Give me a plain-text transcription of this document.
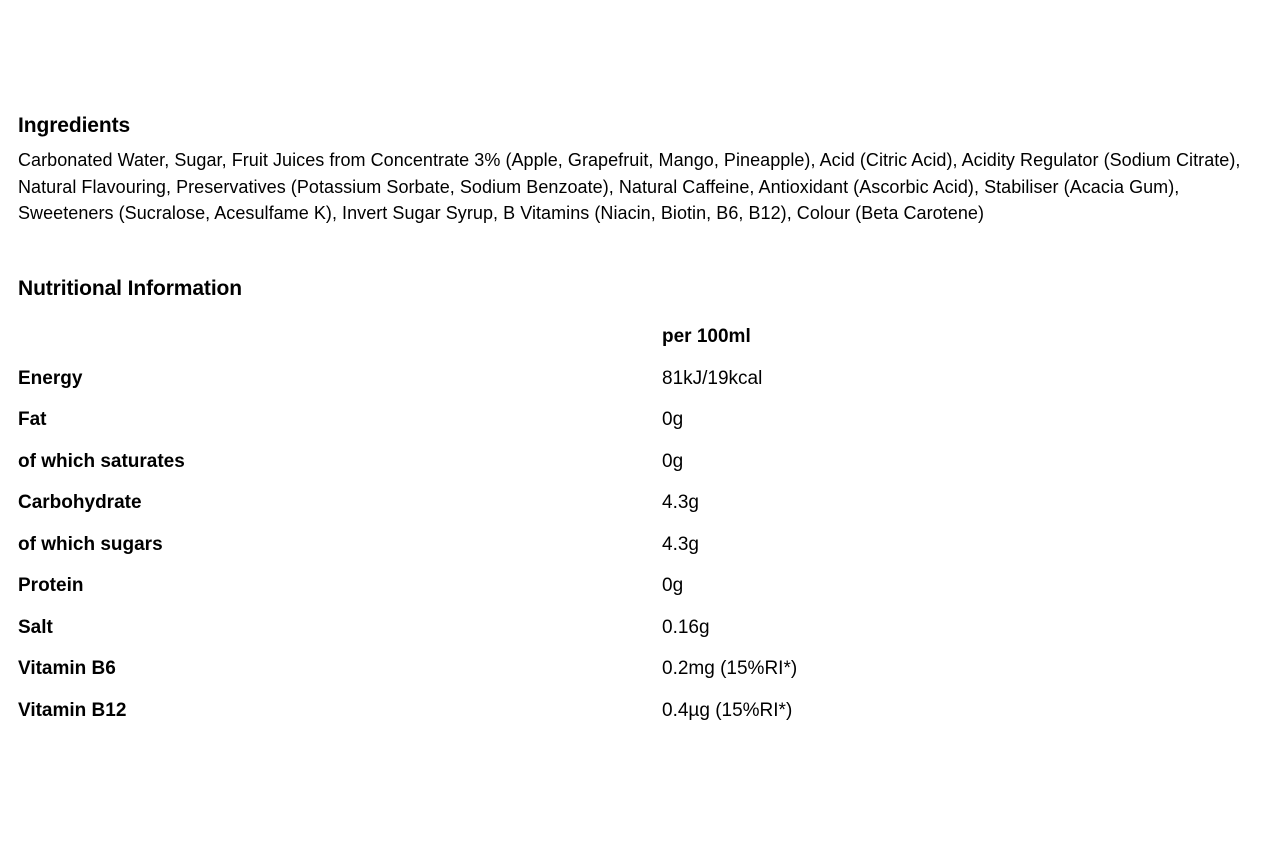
Ingredients

Carbonated Water, Sugar, Fruit Juices from Concentrate 3% (Apple, Grapefruit, Mango, Pineapple), Acid (Citric Acid), Acidity Regulator (Sodium Citrate), Natural Flavouring, Preservatives (Potassium Sorbate, Sodium Benzoate), Natural Caffeine, Antioxidant (Ascorbic Acid), Stabiliser (Acacia Gum), Sweeteners (Sucralose, Acesulfame K), Invert Sugar Syrup, B Vitamins (Niacin, Biotin, B6, B12), Colour (Beta Carotene)

Nutritional Information
	per 100ml
Energy	81kJ/19kcal
Fat	0g
of which saturates	0g
Carbohydrate	4.3g
of which sugars	4.3g
Protein	0g
Salt	0.16g
Vitamin B6	0.2mg (15%RI*)
Vitamin B12	0.4µg (15%RI*)
